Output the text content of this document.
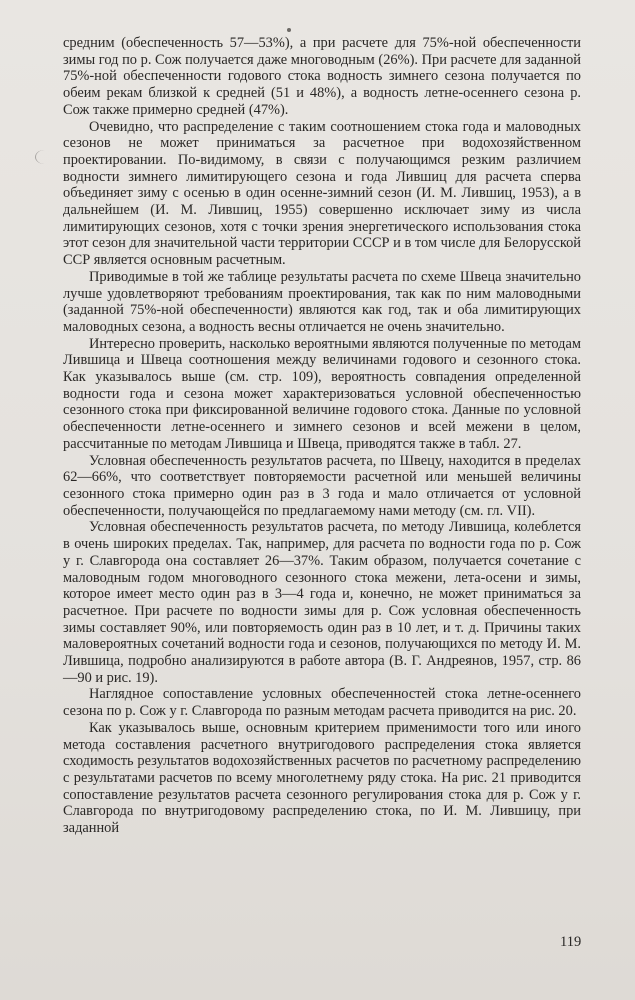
средним (обеспеченность 57—53%), а при расчете для 75%-ной обеспеченности зимы год по р. Сож получается даже многоводным (26%). При расчете для заданной 75%-ной обеспеченности годового стока водность зимнего сезона получается по обеим рекам близкой к средней (51 и 48%), а водность летне-осеннего сезона р. Сож также примерно средней (47%).

Очевидно, что распределение с таким соотношением стока года и маловодных сезонов не может приниматься за расчетное при водохозяйственном проектировании. По-видимому, в связи с получающимся резким различием водности зимнего лимитирующего сезона и года Лившиц для расчета сперва объединяет зиму с осенью в один осенне-зимний сезон (И. М. Лившиц, 1953), а в дальнейшем (И. М. Лившиц, 1955) совершенно исключает зиму из числа лимитирующих сезонов, хотя с точки зрения энергетического использования стока этот сезон для значительной части территории СССР и в том числе для Белорусской ССР является основным расчетным.

Приводимые в той же таблице результаты расчета по схеме Швеца значительно лучше удовлетворяют требованиям проектирования, так как по ним маловодными (заданной 75%-ной обеспеченности) являются как год, так и оба лимитирующих маловодных сезона, а водность весны отличается не очень значительно.

Интересно проверить, насколько вероятными являются полученные по методам Лившица и Швеца соотношения между величинами годового и сезонного стока. Как указывалось выше (см. стр. 109), вероятность совпадения определенной водности года и сезона может характеризоваться условной обеспеченностью сезонного стока при фиксированной величине годового стока. Данные по условной обеспеченности летне-осеннего и зимнего сезонов и всей межени в целом, рассчитанные по методам Лившица и Швеца, приводятся также в табл. 27.

Условная обеспеченность результатов расчета, по Швецу, находится в пределах 62—66%, что соответствует повторяемости расчетной или меньшей величины сезонного стока примерно один раз в 3 года и мало отличается от условной обеспеченности, получающейся по предлагаемому нами методу (см. гл. VII).

Условная обеспеченность результатов расчета, по методу Лившица, колеблется в очень широких пределах. Так, например, для расчета по водности года по р. Сож у г. Славгорода она составляет 26—37%. Таким образом, получается сочетание с маловодным годом многоводного сезонного стока межени, лета-осени и зимы, которое имеет место один раз в 3—4 года и, конечно, не может приниматься за расчетное. При расчете по водности зимы для р. Сож условная обеспеченность зимы составляет 90%, или повторяемость один раз в 10 лет, и т. д. Причины таких маловероятных сочетаний водности года и сезонов, получающихся по методу И. М. Лившица, подробно анализируются в работе автора (В. Г. Андреянов, 1957, стр. 86—90 и рис. 19).

Наглядное сопоставление условных обеспеченностей стока летне-осеннего сезона по р. Сож у г. Славгорода по разным методам расчета приводится на рис. 20.

Как указывалось выше, основным критерием применимости того или иного метода составления расчетного внутригодового распределения стока является сходимость результатов водохозяйственных расчетов по расчетному распределению с результатами расчетов по всему многолетнему ряду стока. На рис. 21 приводится сопоставление результатов расчета сезонного регулирования стока для р. Сож у г. Славгорода по внутригодовому распределению стока, по И. М. Лившицу, при заданной

119
